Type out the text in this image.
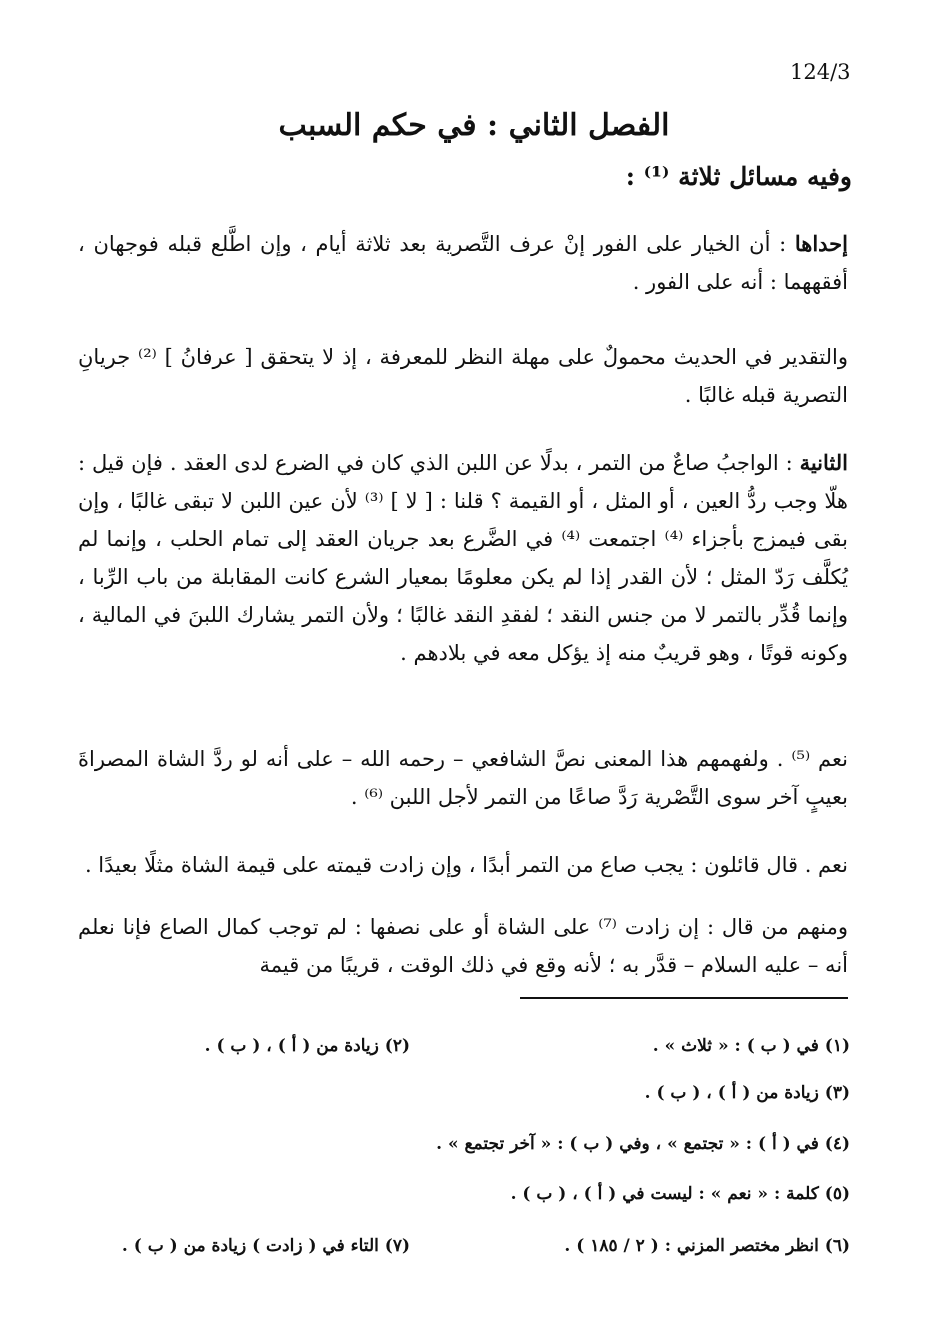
124/3
الفصل الثاني : في حكم السبب
وفيه مسائل ثلاثة ⁽¹⁾ :
إحداها : أن الخيار على الفور إنْ عرف التَّصرية بعد ثلاثة أيام ، وإن اطَّلع قبله فوجهان ، أفقههما : أنه على الفور .
والتقدير في الحديث محمولٌ على مهلة النظر للمعرفة ، إذ لا يتحقق [ عرفانُ ] ⁽²⁾ جريانِ التصرية قبله غالبًا .
الثانية : الواجبُ صاعٌ من التمر ، بدلًا عن اللبن الذي كان في الضرع لدى العقد . فإن قيل : هلّا وجب ردُّ العين ، أو المثل ، أو القيمة ؟ قلنا : [ لا ] ⁽³⁾ لأن عين اللبن لا تبقى غالبًا ، وإن بقى فيمزج بأجزاء ⁽⁴⁾ اجتمعت ⁽⁴⁾ في الضَّرع بعد جريان العقد إلى تمام الحلب ، وإنما لم يُكلَّف رَدّ المثل ؛ لأن القدر إذا لم يكن معلومًا بمعيار الشرع كانت المقابلة من باب الرِّبا ، وإنما قُدِّر بالتمر لا من جنس النقد ؛ لفقدِ النقد غالبًا ؛ ولأن التمر يشارك اللبنَ في المالية ، وكونه قوتًا ، وهو قريبٌ منه إذ يؤكل معه في بلادهم .
نعم ⁽⁵⁾ . ولفهمهم هذا المعنى نصَّ الشافعي – رحمه الله – على أنه لو ردَّ الشاة المصراةَ بعيبٍ آخر سوى التَّصْرية رَدَّ صاعًا من التمر لأجل اللبن ⁽⁶⁾ .
نعم . قال قائلون : يجب صاع من التمر أبدًا ، وإن زادت قيمته على قيمة الشاة مثلًا بعيدًا .
ومنهم من قال : إن زادت ⁽⁷⁾ على الشاة أو على نصفها : لم توجب كمال الصاع فإنا نعلم أنه – عليه السلام – قدَّر به ؛ لأنه وقع في ذلك الوقت ، قريبًا من قيمة
(١) في ( ب ) : « ثلاث » .
(٢) زيادة من ( أ ) ، ( ب ) .
(٣) زيادة من ( أ ) ، ( ب ) .
(٤) في ( أ ) : « تجتمع » ، وفي ( ب ) : « آخر تجتمع » .
(٥) كلمة : « نعم » : ليست في ( أ ) ، ( ب ) .
(٦) انظر مختصر المزني : ( ٢ / ١٨٥ ) .
(٧) التاء في ( زادت ) زيادة من ( ب ) .
